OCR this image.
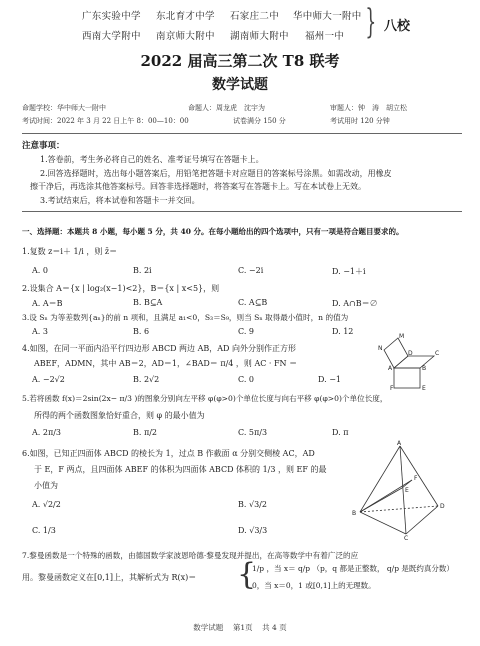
广东实验中学 东北育才中学 石家庄二中 华中师大一附中
西南大学附中 南京师大附中 湖南师大附中 福州一中 } 八校
2022 届高三第二次 T8 联考
数学试题
命题学校：华中师大一附中	命题人：周龙虎　沈宇为	审题人：钟　涛　胡立松
考试时间：2022 年 3 月 22 日上午 8：00—10：00	试卷满分 150 分	考试用时 120 分钟
注意事项：
1.答卷前，考生务必将自己的姓名、准考证号填写在答题卡上。
2.回答选择题时，选出每小题答案后，用铅笔把答题卡对应题目的答案标号涂黑。如需改动，用橡皮
擦干净后，再选涂其他答案标号。回答非选择题时，将答案写在答题卡上。写在本试卷上无效。
3.考试结束后，将本试卷和答题卡一并交回。
一、选择题：本题共 8 小题，每小题 5 分，共 40 分。在每小题给出的四个选项中，只有一项是符合题目要求的。
1.复数 z＝i＋ 1/i ，则 z̄＝
A. 0	B. 2i	C. −2i	D. −1＋i
2.设集合 A＝{x | log₂(x−1)<2}，B＝{x | x<5}，则
A. A＝B	B. B⊆A	C. A⊆B	D. A∩B＝∅
3.设 Sₙ 为等差数列{aₙ}的前 n 项和，且满足 a₁<0，S₃＝S₉，则当 Sₙ 取得最小值时，n 的值为
A. 3	B. 6	C. 9	D. 12
4.如图，在同一平面内沿平行四边形 ABCD 两边 AB，AD 向外分别作正方形
ABEF，ADMN，其中 AB＝2，AD＝1，∠BAD＝ π/4 ，则 AC · FN ＝
A. −2√2	B. 2√2	C. 0	D. −1
N
M
D	C
A	B
F	E
5.若将函数 f(x)＝2sin(2x− π/3 )的图象分别向左平移 φ(φ>0)个单位长度与向右平移 φ(φ>0)个单位长度，
所得的两个函数图象恰好重合，则 φ 的最小值为
A. 2π/3	B. π/2	C. 5π/3	D. π
6.如图，已知正四面体 ABCD 的棱长为 1，过点 B 作截面 α 分别交侧棱 AC，AD
于 E，F 两点，且四面体 ABEF 的体积为四面体 ABCD 体积的 1/3 ，则 EF 的最
小值为
A. √2/2	B. √3/2
C. 1/3	D. √3/3
A
F
E
B
D
C
7.黎曼函数是一个特殊的函数，由德国数学家波恩哈德·黎曼发现并提出，在高等数学中有着广泛的应
用。黎曼函数定义在[0,1]上，其解析式为 R(x)＝ {
1/p ，当 x＝ q/p （p，q 都是正整数， q/p 是既约真分数）
0，当 x＝0，1 或[0,1]上的无理数。
数学试题 第1页 共 4 页
